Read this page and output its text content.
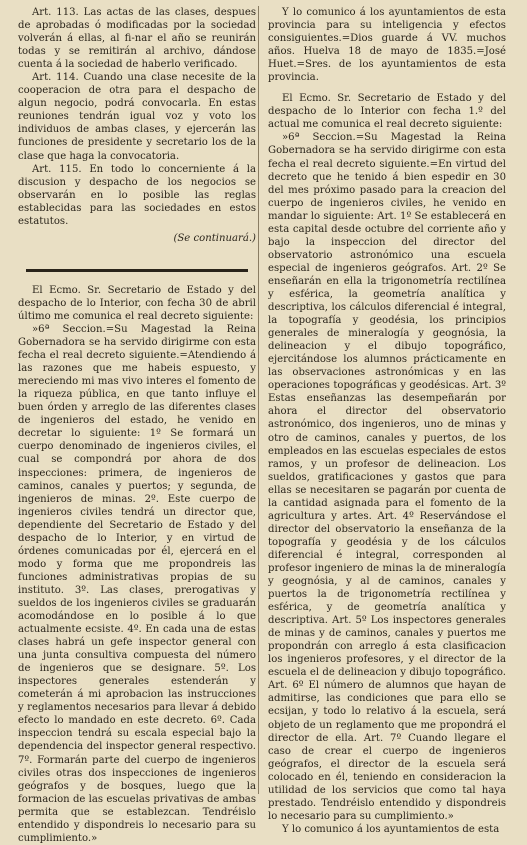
Art. 113. Las actas de las clases, despues de aprobadas ó modificadas por la sociedad volverán á ellas, al fi-nar el año se reunirán todas y se remitirán al archivo, dándose cuenta á la sociedad de haberlo verificado.

Art. 114. Cuando una clase necesite de la cooperacion de otra para el despacho de algun negocio, podrá convocarla. En estas reuniones tendrán igual voz y voto los individuos de ambas clases, y ejercerán las funciones de presidente y secretario los de la clase que haga la convocatoria.

Art. 115. En todo lo concerniente á la discusion y despacho de los negocios se observarán en lo posible las reglas establecidas para las sociedades en estos estatutos.

(Se continuará.)

El Ecmo. Sr. Secretario de Estado y del despacho de lo Interior, con fecha 30 de abril último me comunica el real decreto siguiente:

»6ª Seccion.=Su Magestad la Reina Gobernadora se ha servido dirigirme con esta fecha el real decreto siguiente.=Atendiendo á las razones que me habeis espuesto, y mereciendo mi mas vivo interes el fomento de la riqueza pública, en que tanto influye el buen órden y arreglo de las diferentes clases de ingenieros del estado, he venido en decretar lo siguiente: 1º Se formará un cuerpo denominado de ingenieros civiles, el cual se compondrá por ahora de dos inspecciones: primera, de ingenieros de caminos, canales y puertos; y segunda, de ingenieros de minas. 2º. Este cuerpo de ingenieros civiles tendrá un director que, dependiente del Secretario de Estado y del despacho de lo Interior, y en virtud de órdenes comunicadas por él, ejercerá en el modo y forma que me propondreis las funciones administrativas propias de su instituto. 3º. Las clases, prerogativas y sueldos de los ingenieros civiles se graduarán acomodándose en lo posible á lo que actualmente ecsiste. 4º. En cada una de estas clases habrá un gefe inspector general con una junta consultiva compuesta del número de ingenieros que se designare. 5º. Los inspectores generales estenderán y cometerán á mi aprobacion las instrucciones y reglamentos necesarios para llevar á debido efecto lo mandado en este decreto. 6º. Cada inspeccion tendrá su escala especial bajo la dependencia del inspector general respectivo. 7º. Formarán parte del cuerpo de ingenieros civiles otras dos inspecciones de ingenieros geógrafos y de bosques, luego que la formacion de las escuelas privativas de ambas permita que se establezcan. Tendréislo entendido y dispondreis lo necesario para su cumplimiento.»

Y lo comunico á los ayuntamientos de esta provincia para su inteligencia y efectos consiguientes.=Dios guarde á VV. muchos años. Huelva 18 de mayo de 1835.=José Huet.=Sres. de los ayuntamientos de esta provincia.

El Ecmo. Sr. Secretario de Estado y del despacho de lo Interior con fecha 1.º del actual me comunica el real decreto siguiente:

»6ª Seccion.=Su Magestad la Reina Gobernadora se ha servido dirigirme con esta fecha el real decreto siguiente.=En virtud del decreto que he tenido á bien espedir en 30 del mes próximo pasado para la creacion del cuerpo de ingenieros civiles, he venido en mandar lo siguiente: Art. 1º Se establecerá en esta capital desde octubre del corriente año y bajo la inspeccion del director del observatorio astronómico una escuela especial de ingenieros geógrafos. Art. 2º Se enseñarán en ella la trigonometría rectilínea y esférica, la geometría analítica y descriptiva, los cálculos diferencial é integral, la topografía y geodésia, los principios generales de mineralogía y geognósia, la delineacion y el dibujo topográfico, ejercitándose los alumnos prácticamente en las observaciones astronómicas y en las operaciones topográficas y geodésicas. Art. 3º Estas enseñanzas las desempeñarán por ahora el director del observatorio astronómico, dos ingenieros, uno de minas y otro de caminos, canales y puertos, de los empleados en las escuelas especiales de estos ramos, y un profesor de delineacion. Los sueldos, gratificaciones y gastos que para ellas se necesitaren se pagarán por cuenta de la cantidad asignada para el fomento de la agricultura y artes. Art. 4º Reservándose el director del observatorio la enseñanza de la topografía y geodésia y de los cálculos diferencial é integral, corresponden al profesor ingeniero de minas la de mineralogía y geognósia, y al de caminos, canales y puertos la de trigonometría rectilínea y esférica, y de geometría analítica y descriptiva. Art. 5º Los inspectores generales de minas y de caminos, canales y puertos me propondrán con arreglo á esta clasificacion los ingenieros profesores, y el director de la escuela el de delineacion y dibujo topográfico. Art. 6º El número de alumnos que hayan de admitirse, las condiciones que para ello se ecsijan, y todo lo relativo á la escuela, será objeto de un reglamento que me propondrá el director de ella. Art. 7º Cuando llegare el caso de crear el cuerpo de ingenieros geógrafos, el director de la escuela será colocado en él, teniendo en consideracion la utilidad de los servicios que como tal haya prestado. Tendréislo entendido y dispondreis lo necesario para su cumplimiento.»

Y lo comunico á los ayuntamientos de esta
